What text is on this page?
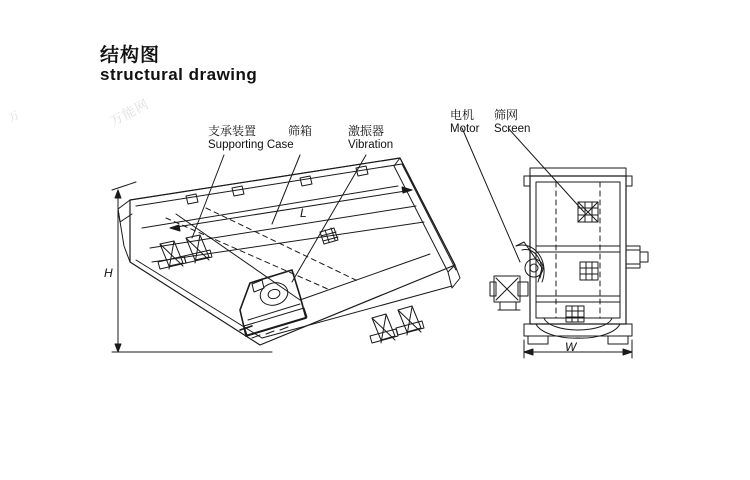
结构图
structural drawing
万能网
万
支承装置
Supporting Case
筛箱	激振器
Vibration
电机
Motor
筛网
Screen
H
L
W
